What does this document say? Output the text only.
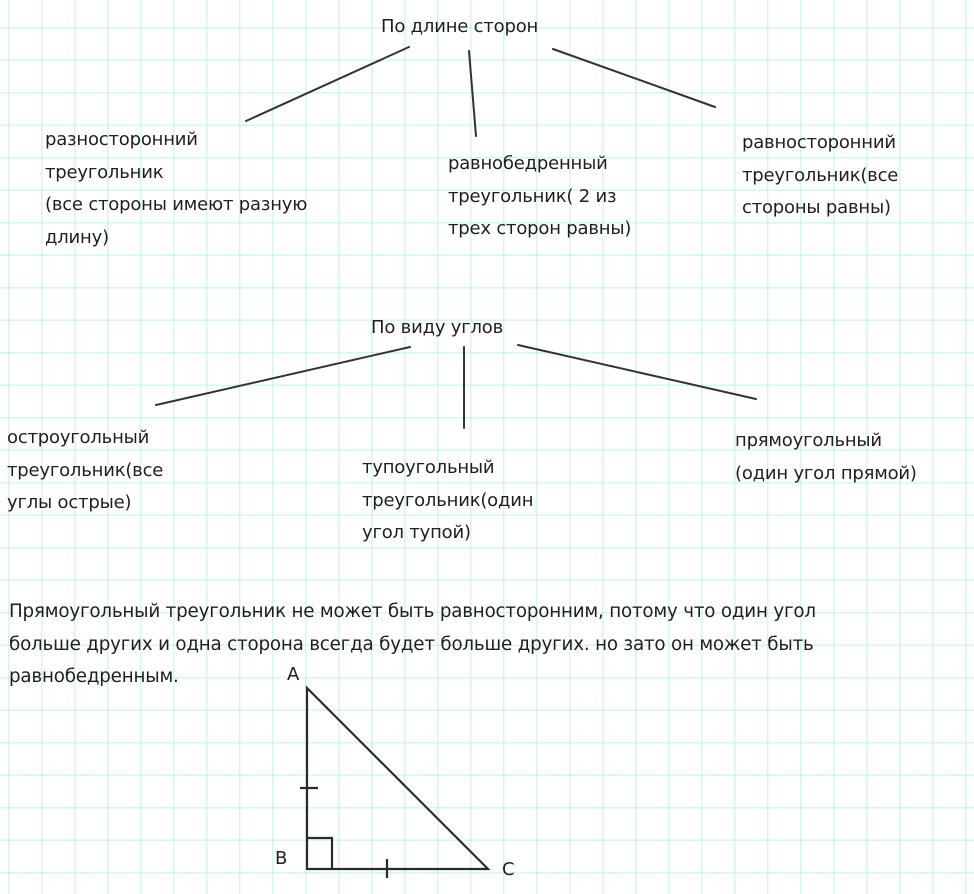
По длине сторон
разносторонний
треугольник
(все стороны имеют разную
длину)
равнобедренный
треугольник( 2 из
трех сторон равны)
равносторонний
треугольник(все
стороны равны)
По виду углов
остроугольный
треугольник(все
углы острые)
тупоугольный
треугольник(один
угол тупой)
прямоугольный
(один угол прямой)
Прямоугольный треугольник не может быть равносторонним, потому что один угол
больше других и одна сторона всегда будет больше других. но зато он может быть
равнобедренным.	A
B
C
